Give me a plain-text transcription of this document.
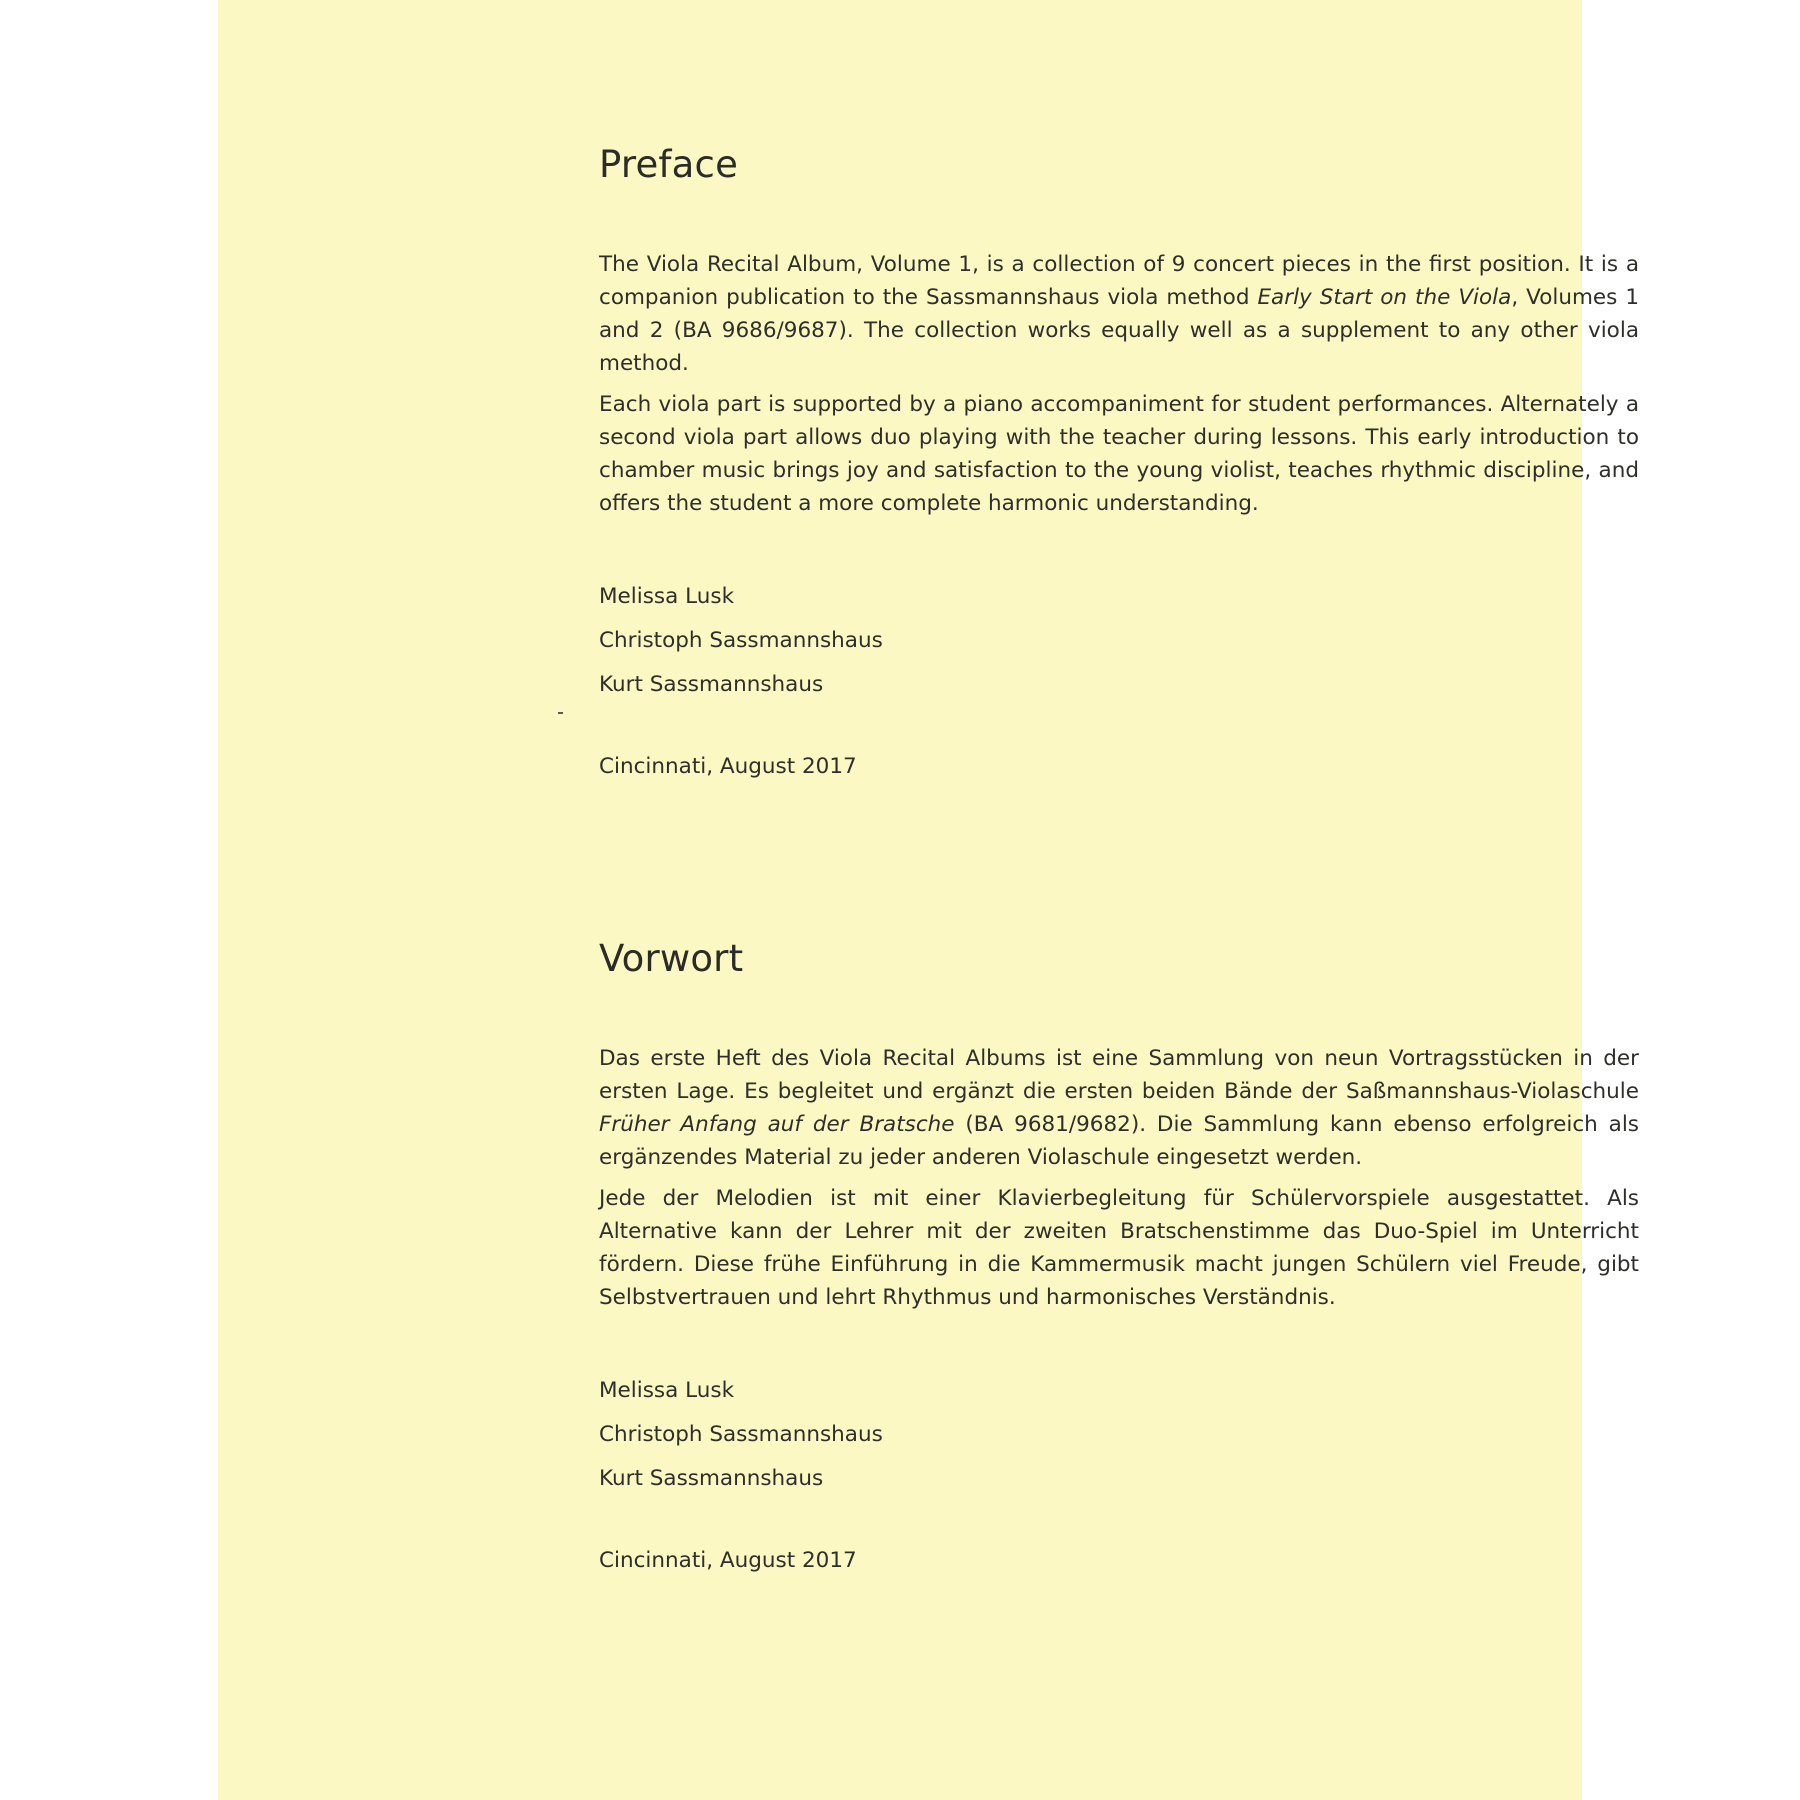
Preface

The Viola Recital Album, Volume 1, is a collection of 9 concert pieces in the first position. It is a companion publication to the Sassmannshaus viola method Early Start on the Viola, Volumes 1 and 2 (BA 9686/9687). The collection works equally well as a supplement to any other viola method.

Each viola part is supported by a piano accompaniment for student performances. Alternately a second viola part allows duo playing with the teacher during lessons. This early introduction to chamber music brings joy and satisfaction to the young violist, teaches rhythmic discipline, and offers the student a more complete harmonic understanding.

Melissa Lusk

Christoph Sassmannshaus

Kurt Sassmannshaus

Cincinnati, August 2017
Vorwort

Das erste Heft des Viola Recital Albums ist eine Sammlung von neun Vortragsstücken in der ersten Lage. Es begleitet und ergänzt die ersten beiden Bände der Saßmannshaus-Violaschule Früher Anfang auf der Bratsche (BA 9681/9682). Die Sammlung kann ebenso erfolgreich als ergänzendes Material zu jeder anderen Violaschule eingesetzt werden.

Jede der Melodien ist mit einer Klavierbegleitung für Schülervorspiele ausgestattet. Als Alternative kann der Lehrer mit der zweiten Bratschenstimme das Duo-Spiel im Unterricht fördern. Diese frühe Einführung in die Kammermusik macht jungen Schülern viel Freude, gibt Selbstvertrauen und lehrt Rhythmus und harmonisches Verständnis.

Melissa Lusk

Christoph Sassmannshaus

Kurt Sassmannshaus

Cincinnati, August 2017
